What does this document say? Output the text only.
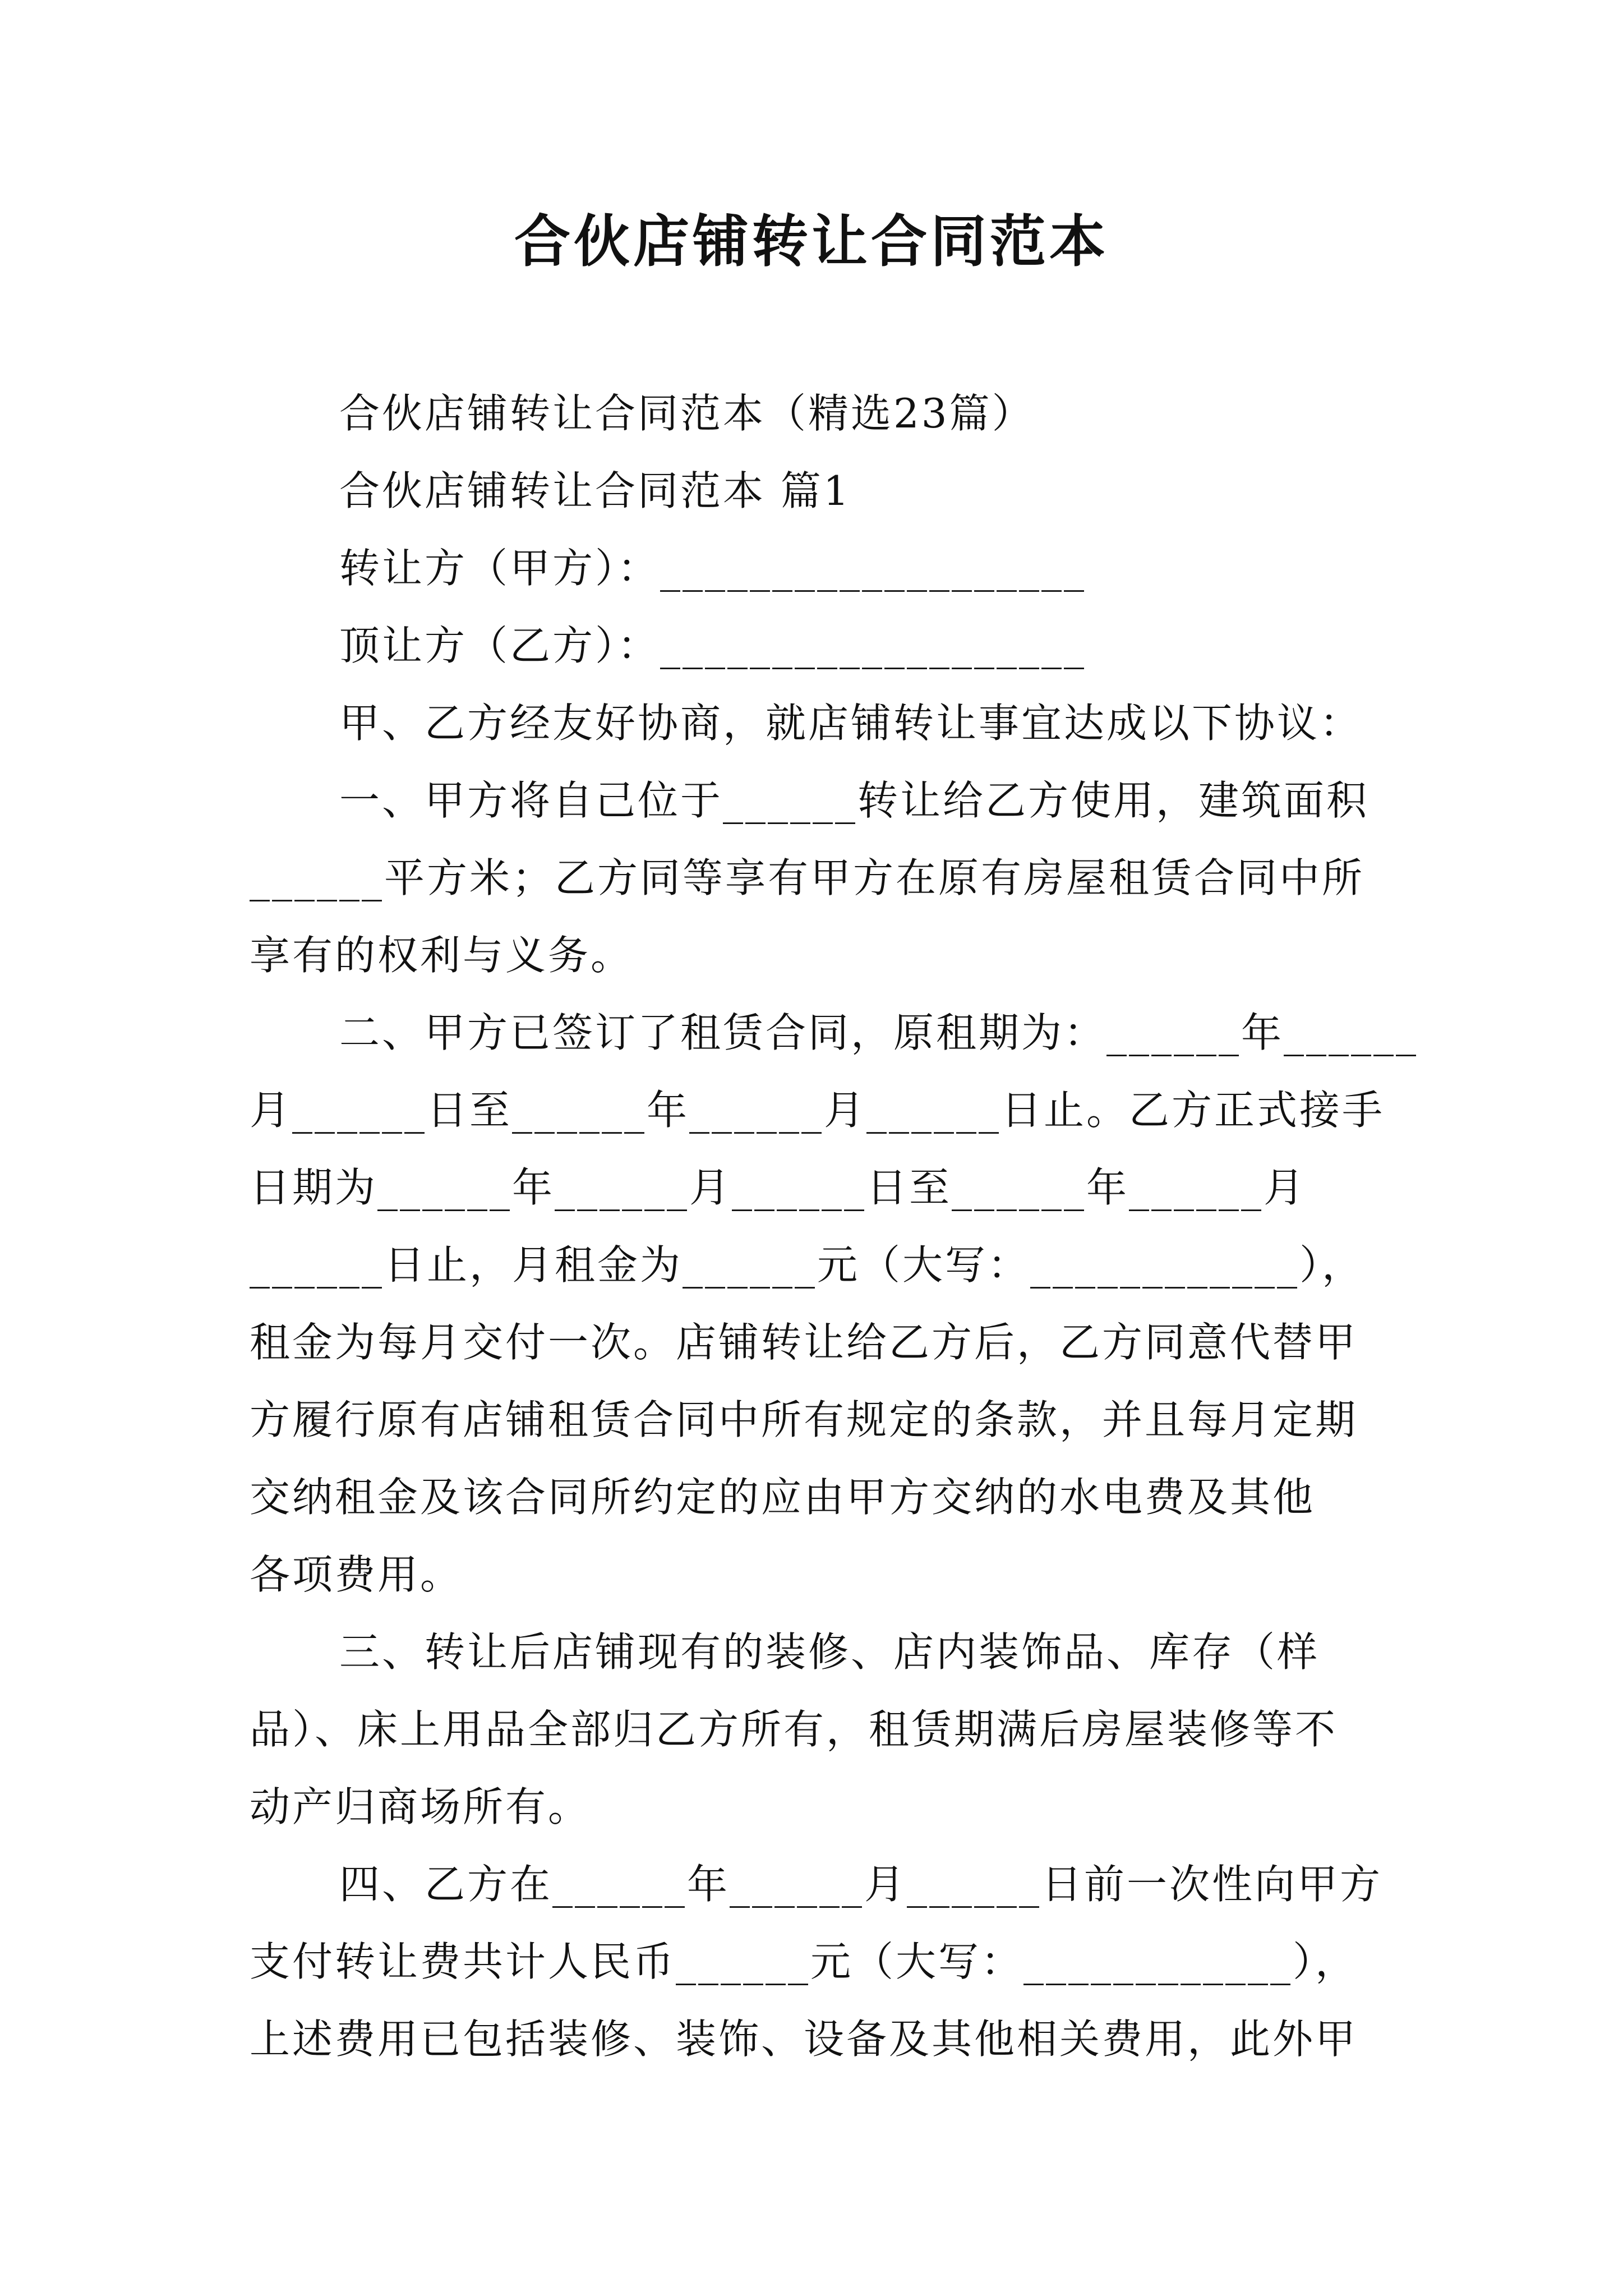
合伙店铺转让合同范本
合伙店铺转让合同范本（精选23篇）
合伙店铺转让合同范本 篇1
转让方（甲方）：___________________
顶让方（乙方）：___________________
甲、乙方经友好协商，就店铺转让事宜达成以下协议：
一、甲方将自己位于______转让给乙方使用，建筑面积
______平方米；乙方同等享有甲方在原有房屋租赁合同中所
享有的权利与义务。
二、甲方已签订了租赁合同，原租期为：______年______
月______日至______年______月______日止。乙方正式接手
日期为______年______月______日至______年______月
______日止，月租金为______元（大写：____________），
租金为每月交付一次。店铺转让给乙方后，乙方同意代替甲
方履行原有店铺租赁合同中所有规定的条款，并且每月定期
交纳租金及该合同所约定的应由甲方交纳的水电费及其他
各项费用。
三、转让后店铺现有的装修、店内装饰品、库存（样
品）、床上用品全部归乙方所有，租赁期满后房屋装修等不
动产归商场所有。
四、乙方在______年______月______日前一次性向甲方
支付转让费共计人民币______元（大写：____________），
上述费用已包括装修、装饰、设备及其他相关费用，此外甲
